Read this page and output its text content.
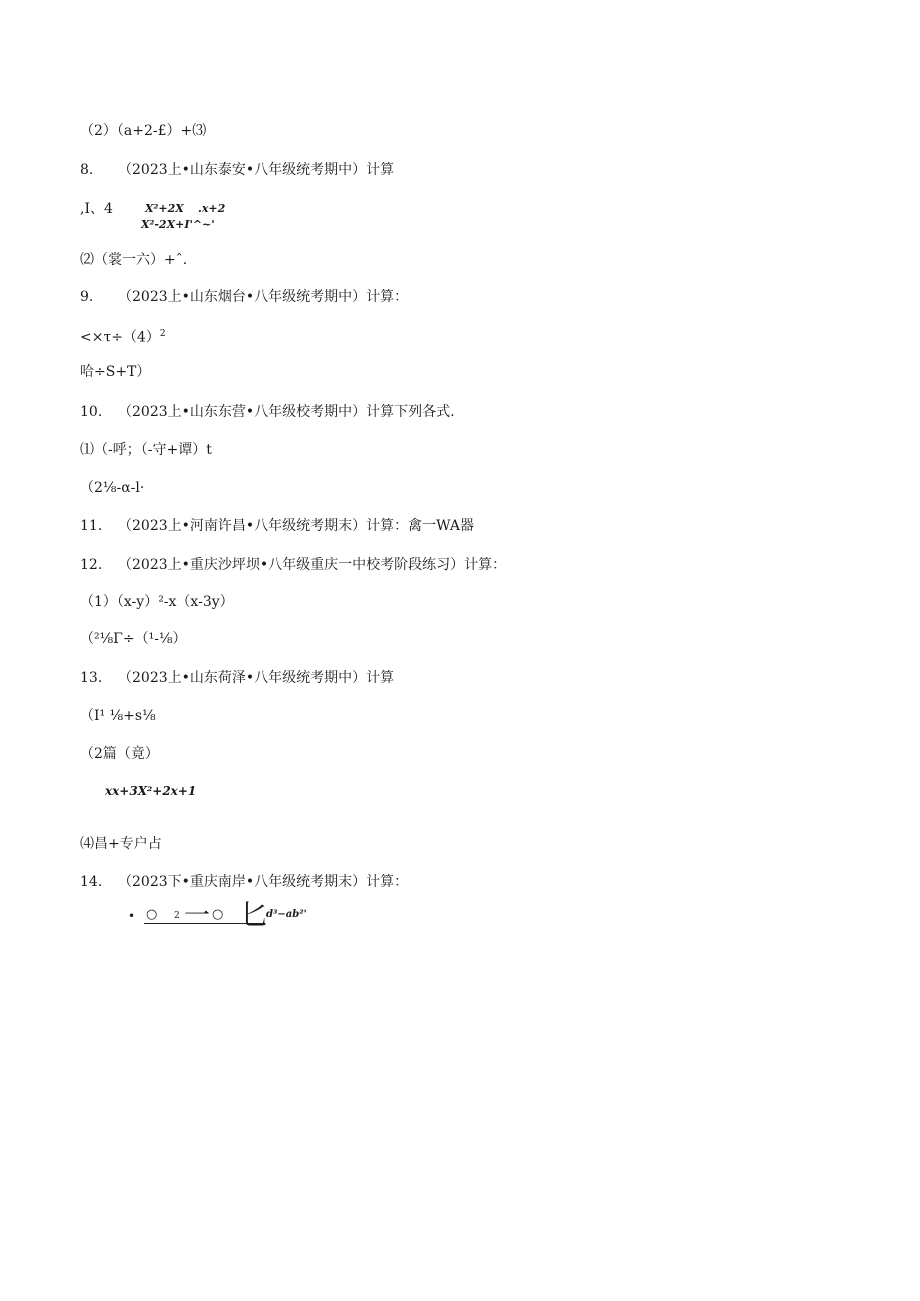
（2）（a+2-£）+⑶
8. （2023上•山东泰安•八年级统考期中）计算
,I、4	X²+2X .x+2
X²-2X+I'^~'
⑵（裳一六）+ˆ.
9. （2023上•山东烟台•八年级统考期中）计算：
$<\times\tau\div(4)^2$
哈÷S+T）
10. （2023上•山东东营•八年级校考期中）计算下列各式.
⑴（-呼；（-守+谭）t
（2⅛-α-l·
11. （2023上•河南许昌•八年级统考期末）计算：禽一WA器
12. （2023上•重庆沙坪坝•八年级重庆一中校考阶段练习）计算：
（1）（x-y）²-x（x-3y）
（²⅛Γ÷（¹-⅛）
13. （2023上•山东荷泽•八年级统考期中）计算
（I¹ ⅛+s⅛
（2篇（竟）
xx+3X²+2x+1
⑷昌+专户占
14. （2023下•重庆南岸•八年级统考期末）计算：
• ○ 2 一 ○ 匕
d³−ab²'
